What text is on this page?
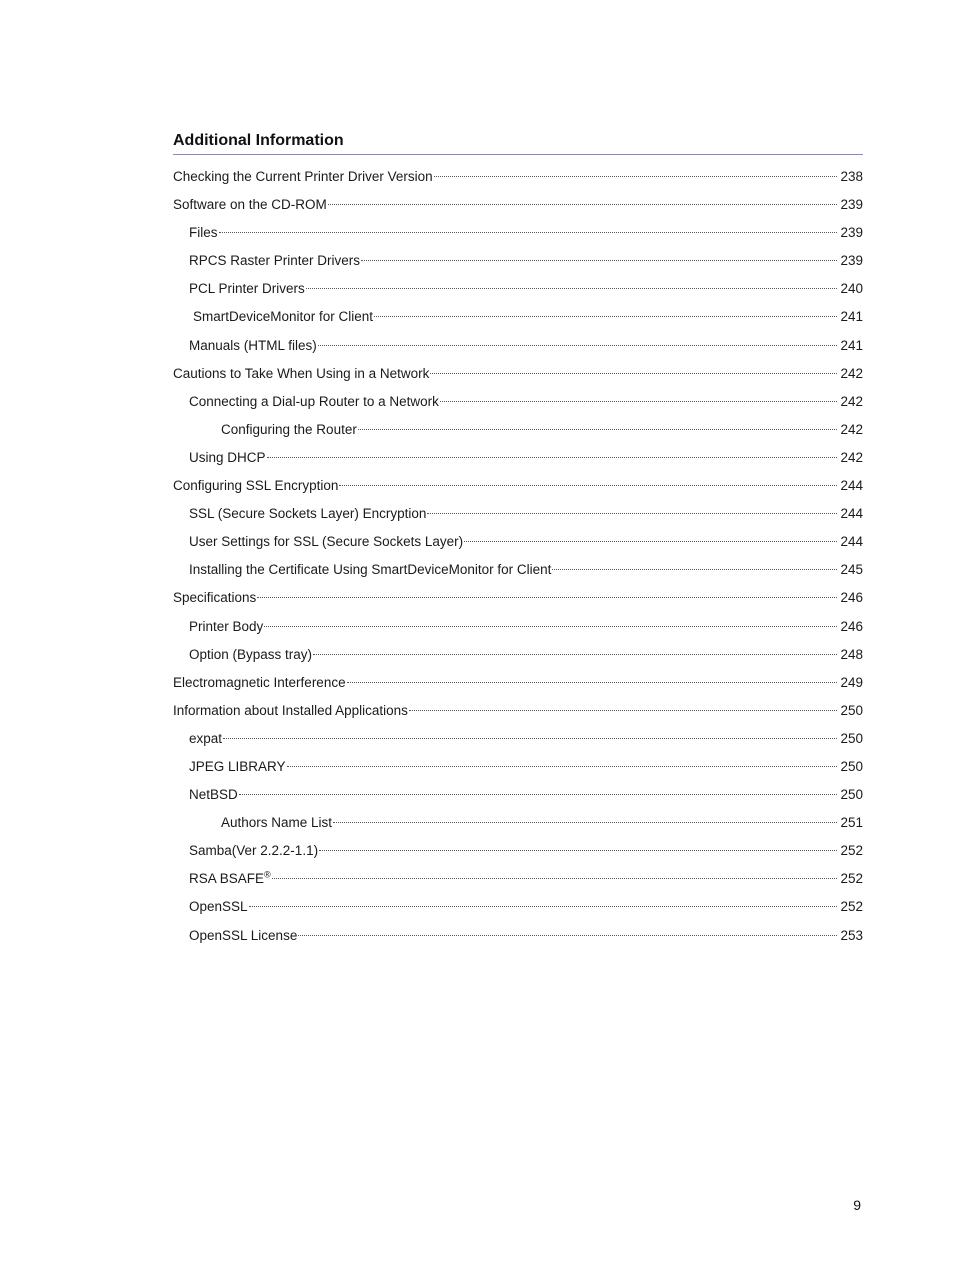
Additional Information
Checking the Current Printer Driver Version	238
Software on the CD-ROM	239
Files	239
RPCS Raster Printer Drivers	239
PCL Printer Drivers	240
SmartDeviceMonitor for Client	241
Manuals (HTML files)	241
Cautions to Take When Using in a Network	242
Connecting a Dial-up Router to a Network	242
Configuring the Router	242
Using DHCP	242
Configuring SSL Encryption	244
SSL (Secure Sockets Layer) Encryption	244
User Settings for SSL (Secure Sockets Layer)	244
Installing the Certificate Using SmartDeviceMonitor for Client	245
Specifications	246
Printer Body	246
Option (Bypass tray)	248
Electromagnetic Interference	249
Information about Installed Applications	250
expat	250
JPEG LIBRARY	250
NetBSD	250
Authors Name List	251
Samba(Ver 2.2.2-1.1)	252
RSA BSAFE®	252
OpenSSL	252
OpenSSL License	253
9
